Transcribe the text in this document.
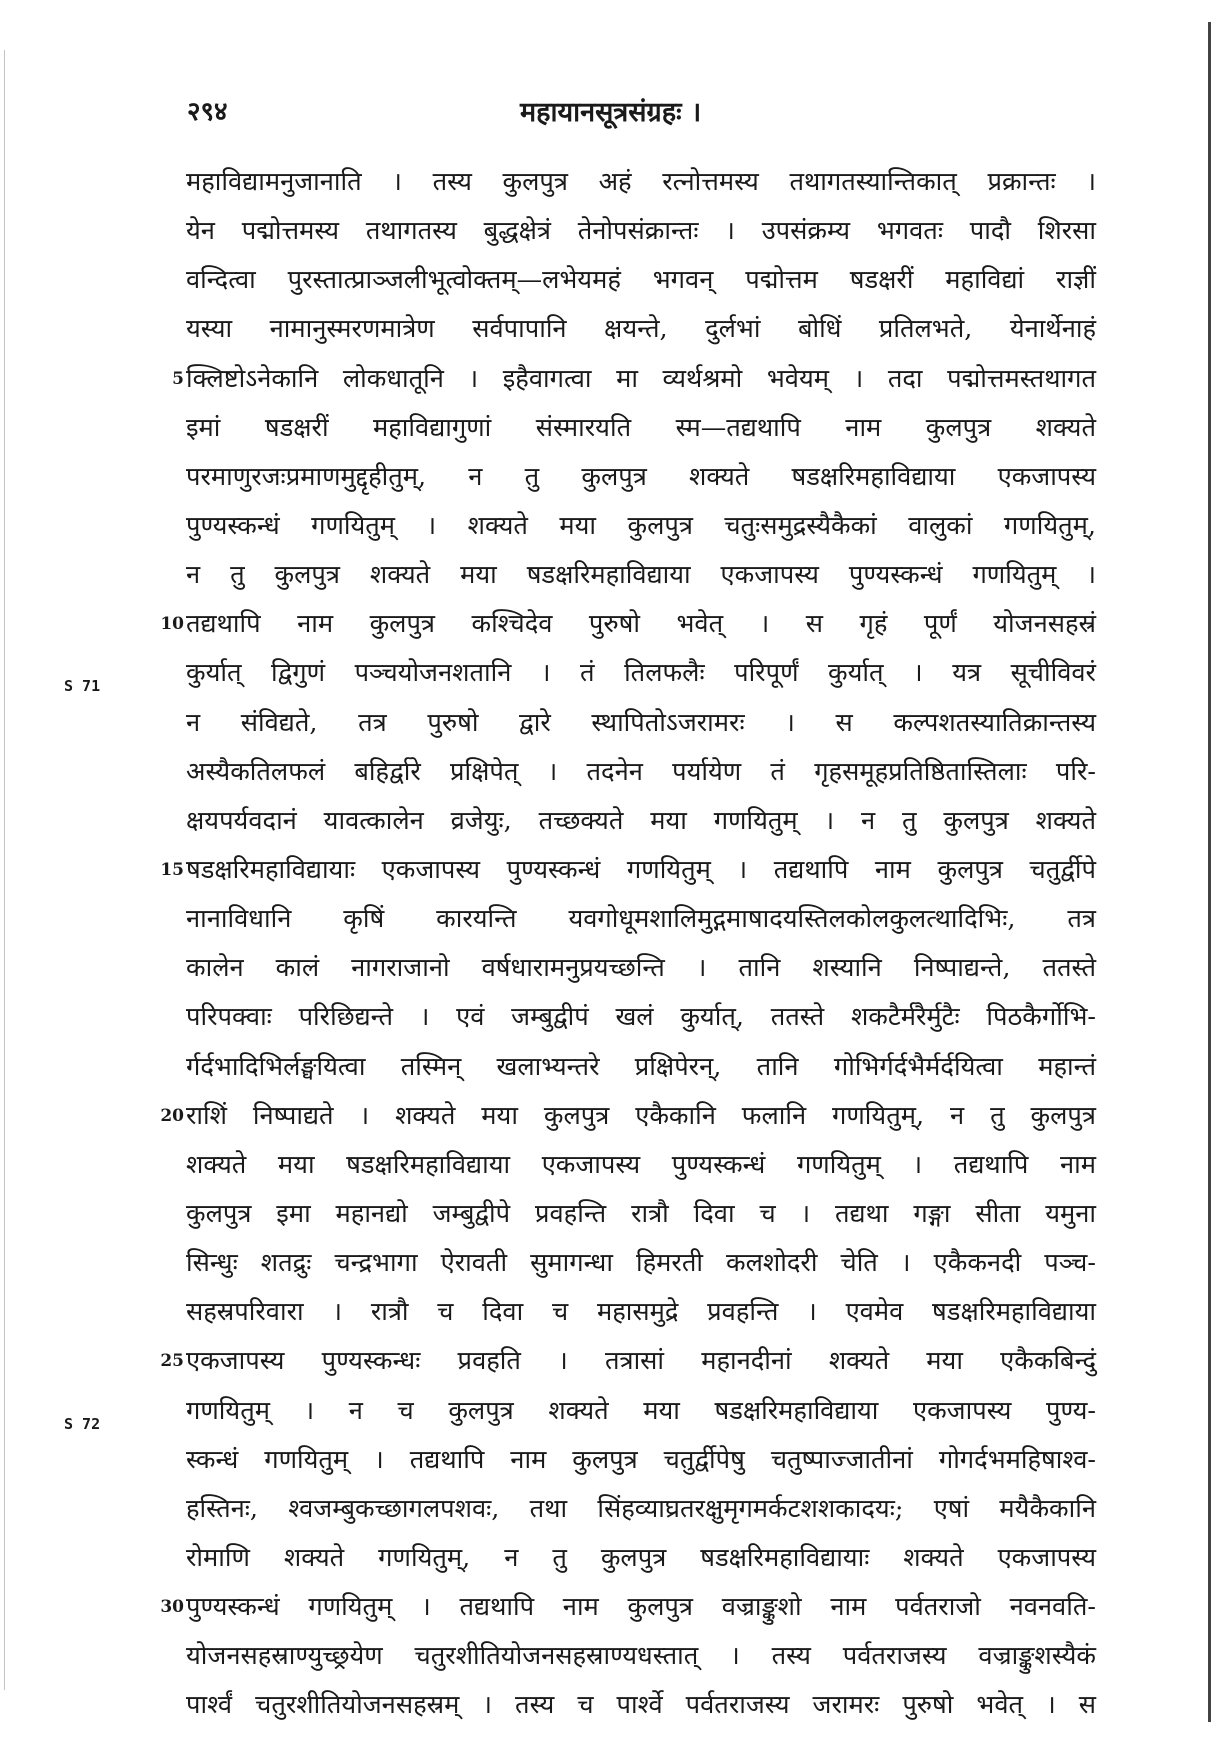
२९४	महायानसूत्रसंग्रहः ।
S 71
S 72
महाविद्यामनुजानाति । तस्य कुलपुत्र अहं रत्नोत्तमस्य तथागतस्यान्तिकात् प्रक्रान्तः ।
येन पद्मोत्तमस्य तथागतस्य बुद्धक्षेत्रं तेनोपसंक्रान्तः । उपसंक्रम्य भगवतः पादौ शिरसा
वन्दित्वा पुरस्तात्प्राञ्जलीभूत्वोक्तम्—लभेयमहं भगवन् पद्मोत्तम षडक्षरीं महाविद्यां राज्ञीं
यस्या नामानुस्मरणमात्रेण सर्वपापानि क्षयन्ते, दुर्लभां बोधिं प्रतिलभते, येनार्थेनाहं
5 क्लिष्टोऽनेकानि लोकधातूनि । इहैवागत्वा मा व्यर्थश्रमो भवेयम् । तदा पद्मोत्तमस्तथागत
इमां षडक्षरीं महाविद्यागुणां संस्मारयति स्म—तद्यथापि नाम कुलपुत्र शक्यते
परमाणुरजःप्रमाणमुद्दृहीतुम्, न तु कुलपुत्र शक्यते षडक्षरिमहाविद्याया एकजापस्य
पुण्यस्कन्धं गणयितुम् । शक्यते मया कुलपुत्र चतुःसमुद्रस्यैकैकां वालुकां गणयितुम्,
न तु कुलपुत्र शक्यते मया षडक्षरिमहाविद्याया एकजापस्य पुण्यस्कन्धं गणयितुम् ।
10 तद्यथापि नाम कुलपुत्र कश्चिदेव पुरुषो भवेत् । स गृहं पूर्णं योजनसहस्रं
कुर्यात् द्विगुणं पञ्चयोजनशतानि । तं तिलफलैः परिपूर्णं कुर्यात् । यत्र सूचीविवरं
न संविद्यते, तत्र पुरुषो द्वारे स्थापितोऽजरामरः । स कल्पशतस्यातिक्रान्तस्य
अस्यैकतिलफलं बहिर्द्वारे प्रक्षिपेत् । तदनेन पर्यायेण तं गृहसमूहप्रतिष्ठितास्तिलाः परि-
क्षयपर्यवदानं यावत्कालेन व्रजेयुः, तच्छक्यते मया गणयितुम् । न तु कुलपुत्र शक्यते
15 षडक्षरिमहाविद्यायाः एकजापस्य पुण्यस्कन्धं गणयितुम् । तद्यथापि नाम कुलपुत्र चतुर्द्वीपे
नानाविधानि कृषिं कारयन्ति यवगोधूमशालिमुद्गमाषादयस्तिलकोलकुलत्थादिभिः, तत्र
कालेन कालं नागराजानो वर्षधारामनुप्रयच्छन्ति । तानि शस्यानि निष्पाद्यन्ते, ततस्ते
परिपक्वाः परिछिद्यन्ते । एवं जम्बुद्वीपं खलं कुर्यात्, ततस्ते शकटैर्मरैर्मुटैः पिठकैर्गोभि-
र्गर्दभादिभिर्लङ्घयित्वा तस्मिन् खलाभ्यन्तरे प्रक्षिपेरन्, तानि गोभिर्गर्दभैर्मर्दयित्वा महान्तं
20 राशिं निष्पाद्यते । शक्यते मया कुलपुत्र एकैकानि फलानि गणयितुम्, न तु कुलपुत्र
शक्यते मया षडक्षरिमहाविद्याया एकजापस्य पुण्यस्कन्धं गणयितुम् । तद्यथापि नाम
कुलपुत्र इमा महानद्यो जम्बुद्वीपे प्रवहन्ति रात्रौ दिवा च । तद्यथा गङ्गा सीता यमुना
सिन्धुः शतद्रुः चन्द्रभागा ऐरावती सुमागन्धा हिमरती कलशोदरी चेति । एकैकनदी पञ्च-
सहस्रपरिवारा । रात्रौ च दिवा च महासमुद्रे प्रवहन्ति । एवमेव षडक्षरिमहाविद्याया
25 एकजापस्य पुण्यस्कन्धः प्रवहति । तत्रासां महानदीनां शक्यते मया एकैकबिन्दुं
गणयितुम् । न च कुलपुत्र शक्यते मया षडक्षरिमहाविद्याया एकजापस्य पुण्य-
स्कन्धं गणयितुम् । तद्यथापि नाम कुलपुत्र चतुर्द्वीपेषु चतुष्पाज्जातीनां गोगर्दभमहिषाश्व-
हस्तिनः, श्वजम्बुकच्छागलपशवः, तथा सिंहव्याघ्रतरक्षुमृगमर्कटशशकादयः; एषां मयैकैकानि
रोमाणि शक्यते गणयितुम्, न तु कुलपुत्र षडक्षरिमहाविद्यायाः शक्यते एकजापस्य
30 पुण्यस्कन्धं गणयितुम् । तद्यथापि नाम कुलपुत्र वज्राङ्कुशो नाम पर्वतराजो नवनवति-
योजनसहस्राण्युच्छ्रयेण चतुरशीतियोजनसहस्राण्यधस्तात् । तस्य पर्वतराजस्य वज्राङ्कुशस्यैकं
पार्श्वं चतुरशीतियोजनसहस्रम् । तस्य च पार्श्वे पर्वतराजस्य जरामरः पुरुषो भवेत् । स
